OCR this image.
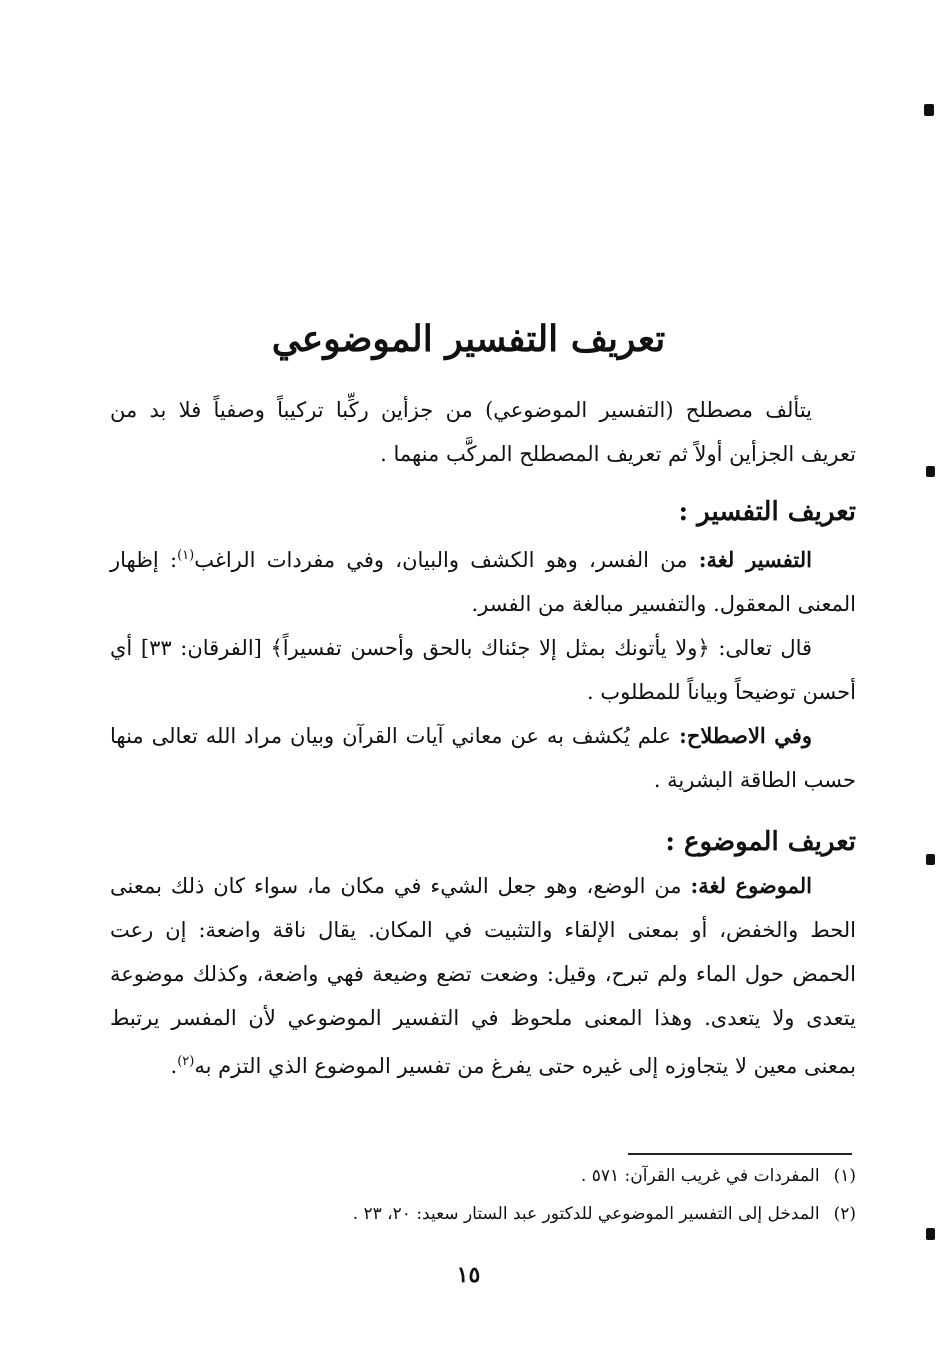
تعريف التفسير الموضوعي

يتألف مصطلح (التفسير الموضوعي) من جزأين ركِّبا تركيباً وصفياً فلا بد من تعريف الجزأين أولاً ثم تعريف المصطلح المركَّب منهما .

تعريف التفسير :

التفسير لغة: من الفسر، وهو الكشف والبيان، وفي مفردات الراغب$^{(١)}$: إظهار المعنى المعقول. والتفسير مبالغة من الفسر.

قال تعالى: ﴿ولا يأتونك بمثل إلا جئناك بالحق وأحسن تفسيراً﴾ [الفرقان: ٣٣] أي أحسن توضيحاً وبياناً للمطلوب .

وفي الاصطلاح: علم يُكشف به عن معاني آيات القرآن وبيان مراد الله تعالى منها حسب الطاقة البشرية .

تعريف الموضوع :

الموضوع لغة: من الوضع، وهو جعل الشيء في مكان ما، سواء كان ذلك بمعنى الحط والخفض، أو بمعنى الإلقاء والتثبيت في المكان. يقال ناقة واضعة: إن رعت الحمض حول الماء ولم تبرح، وقيل: وضعت تضع وضيعة فهي واضعة، وكذلك موضوعة يتعدى ولا يتعدى. وهذا المعنى ملحوظ في التفسير الموضوعي لأن المفسر يرتبط بمعنى معين لا يتجاوزه إلى غيره حتى يفرغ من تفسير الموضوع الذي التزم به$^{(٢)}$.

(١)المفردات في غريب القرآن: ٥٧١ .
(٢)المدخل إلى التفسير الموضوعي للدكتور عبد الستار سعيد: ٢٠، ٢٣ .
١٥
